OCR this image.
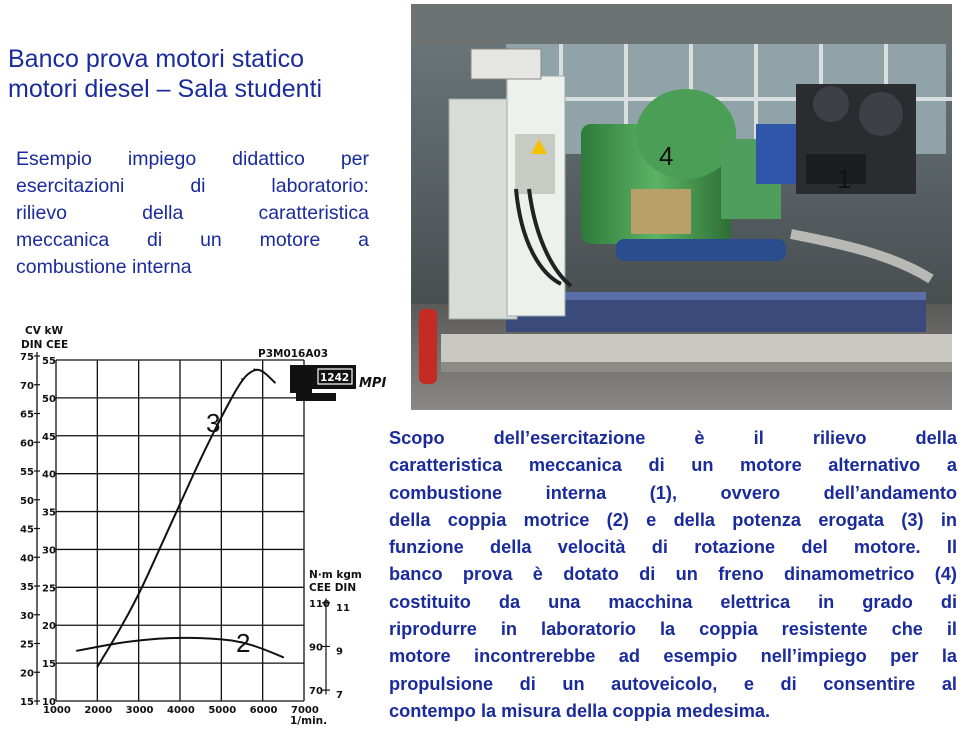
Banco prova motori statico
motori diesel – Sala studenti
Esempio impiego didattico per
esercitazioni	di	laboratorio:
rilievo	della	caratteristica
meccanica di un motore a
combustione interna
4
1
CV kW
DIN CEE
P3M016A03
1242 MPI
N·m kgm
CEE DIN
1/min.
1000 2000 3000 4000 5000 6000 7000
10
15
20
25
30
35
40
45
50
55
15
20
25
30
35
40
45
50
55
60
65
70
75
70
90
110
7
9
11
3
2
Scopo dell’esercitazione è il rilievo della
caratteristica meccanica di un motore alternativo a
combustione interna (1), ovvero dell’andamento
della coppia motrice (2) e della potenza erogata (3) in
funzione della velocità di rotazione del motore. Il
banco prova è dotato di un freno dinamometrico (4)
costituito da una macchina elettrica in grado di
riprodurre in laboratorio la coppia resistente che il
motore incontrerebbe ad esempio nell’impiego per la
propulsione di un autoveicolo, e di consentire al
contempo la misura della coppia medesima.
